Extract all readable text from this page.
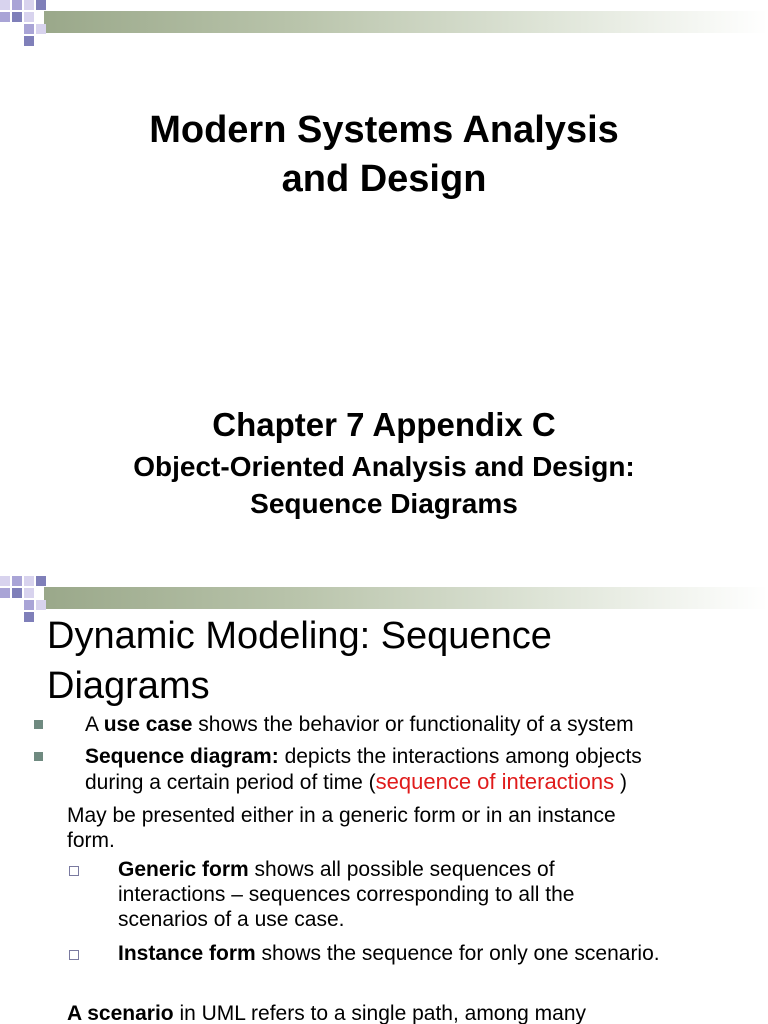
Modern Systems Analysis
and Design
Chapter 7 Appendix C
Object-Oriented Analysis and Design:
Sequence Diagrams
Dynamic Modeling: Sequence
Diagrams
A use case shows the behavior or functionality of a system
Sequence diagram: depicts the interactions among objects
during a certain period of time (sequence of interactions )
May be presented either in a generic form or in an instance
form.
Generic form shows all possible sequences of
interactions – sequences corresponding to all the
scenarios of a use case.
Instance form shows the sequence for only one scenario.
A scenario in UML refers to a single path, among many
